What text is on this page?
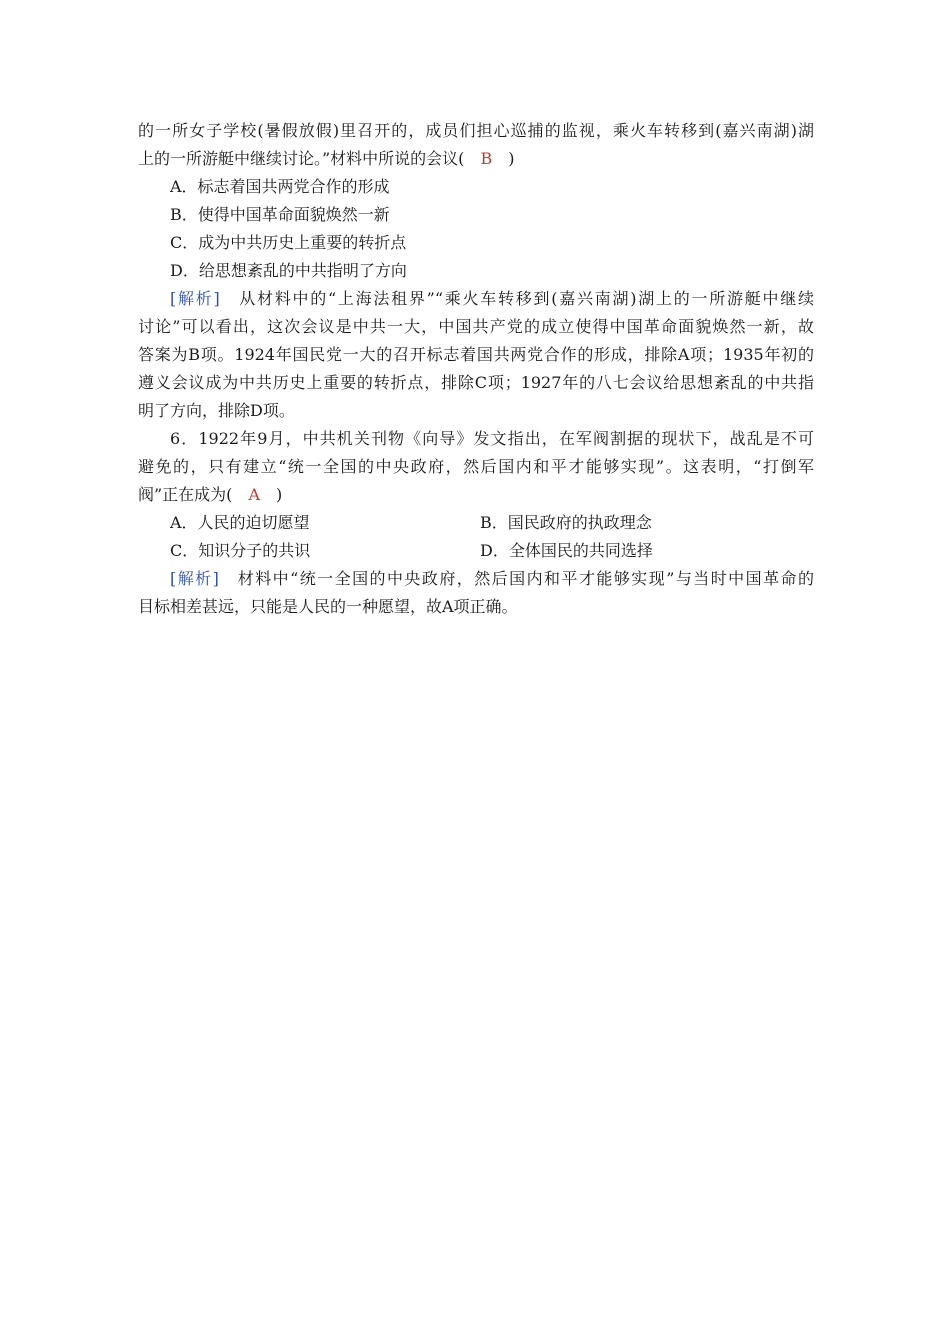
的一所女子学校(暑假放假)里召开的，成员们担心巡捕的监视，乘火车转移到(嘉兴南湖)湖
上的一所游艇中继续讨论。”材料中所说的会议(　B　)
A．标志着国共两党合作的形成
B．使得中国革命面貌焕然一新
C．成为中共历史上重要的转折点
D．给思想紊乱的中共指明了方向
[解析]　从材料中的“上海法租界”“乘火车转移到(嘉兴南湖)湖上的一所游艇中继续
讨论”可以看出，这次会议是中共一大，中国共产党的成立使得中国革命面貌焕然一新，故
答案为B项。1924年国民党一大的召开标志着国共两党合作的形成，排除A项；1935年初的
遵义会议成为中共历史上重要的转折点，排除C项；1927年的八七会议给思想紊乱的中共指
明了方向，排除D项。
6．1922年9月，中共机关刊物《向导》发文指出，在军阀割据的现状下，战乱是不可
避免的，只有建立“统一全国的中央政府，然后国内和平才能够实现”。这表明，“打倒军
阀”正在成为(　A　)
A．人民的迫切愿望	B．国民政府的执政理念
C．知识分子的共识	D．全体国民的共同选择
[解析]　材料中“统一全国的中央政府，然后国内和平才能够实现”与当时中国革命的
目标相差甚远，只能是人民的一种愿望，故A项正确。
